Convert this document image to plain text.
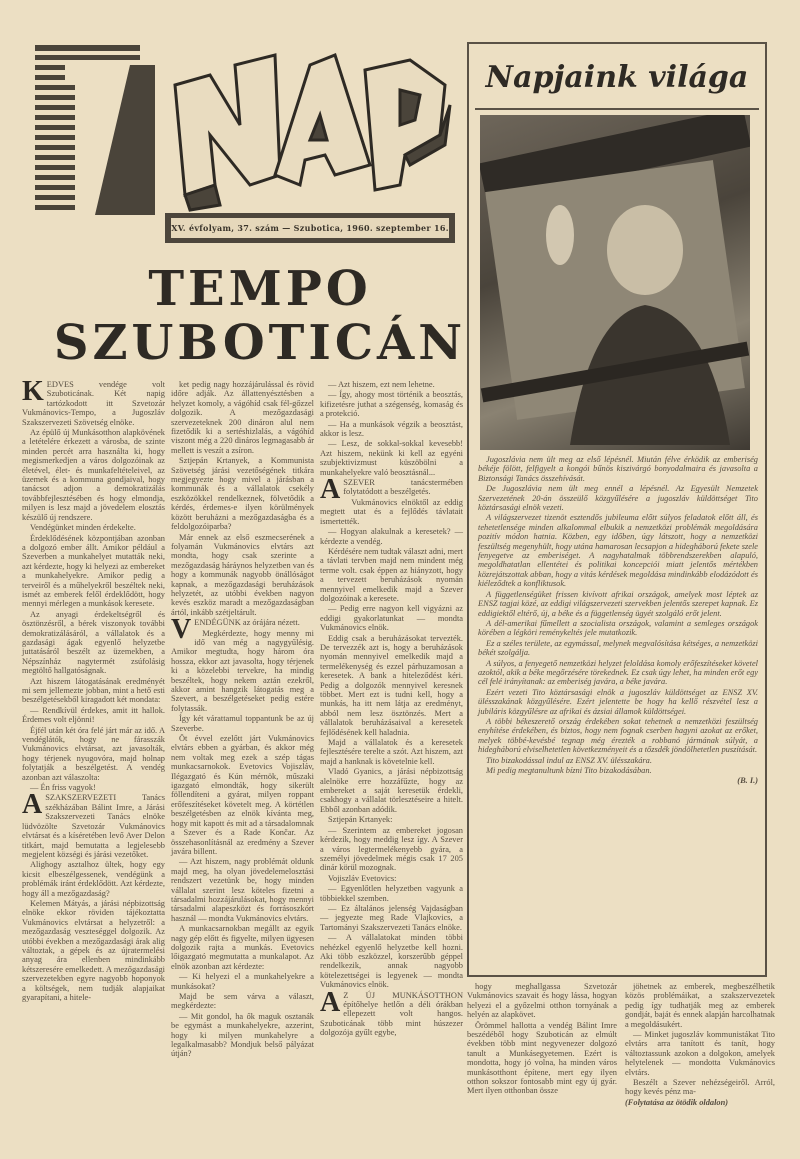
XV. évfolyam, 37. szám — Szubotica, 1960. szeptember 16.
TEMPO
SZUBOTICÁN

KEDVES vendége volt Szuboticának. Két napig tartózkodott itt Szvetozár Vukmánovics-Tempo, a Jugoszláv Szakszervezeti Szövetség elnöke.

Az épülő új Munkásotthon alapkövének a letételére érkezett a városba, de szinte minden percét arra használta ki, hogy megismerkedjen a város dolgozóinak az életével, élet- és munkafeltételeivel, az üzemek és a kommuna gondjaival, hogy tanácsot adjon a demokratizálás továbbfejlesztésében és hogy elmondja, milyen is lesz majd a jövedelem elosztás készülő új rendszere.

Vendégünket minden érdekelte.

Érdeklődésének központjában azonban a dolgozó ember állt. Amikor például a Szeverben a munkahelyet mutatták neki, azt kérdezte, hogy ki helyezi az embereket a munkahelyekre. Amikor pedig a terveiről és a műhelyekről beszéltek neki, ismét az emberek felől érdeklődött, hogy mennyi mérlegen a munkások keresete.

Az anyagi érdekeltségről és ösztönzésről, a bérek viszonyok további demokratizálásáról, a vállalatok és a gazdasági ágak egyenlő helyzetbe juttatásáról beszélt az üzemekben, a Népszínház nagytermét zsúfolásig megtöltő hallgatóságnak.

Azt hiszem látogatásának eredményét mi sem jellemezte jobban, mint a hető esti beszélgetésekből kiragadott két mondata:

— Rendkívül érdekes, amit itt hallok. Érdemes volt eljönni!

Éjfél után két óra felé járt már az idő. A vendéglátók, hogy ne fárasszák Vukmánovics elvtársat, azt javasolták, hogy térjenek nyugovóra, majd holnap folytatják a beszélgetést. A vendég azonban azt válaszolta:

— Én friss vagyok!

ASZAKSZERVEZETI Tanács székházában Bálint Imre, a Járási Szakszervezeti Tanács elnöke lüdvözölte Szvetozár Vukmánovics elvtársat és a kíséretében levő Aver Delon titkárt, majd bemutatta a legjelesebb megjelent községi és járási vezetőket.

Alighogy asztalhoz ültek, hogy egy kicsit elbeszélgessenek, vendégünk a problémák iránt érdeklődött. Azt kérdezte, hogy áll a mezőgazdaság?

Kelemen Mátyás, a járási népbizottság elnöke ekkor röviden tájékoztatta Vukmánovics elvtársat a helyzetről: a mezőgazdaság veszteséggel dolgozik. Az utóbbi években a mezőgazdasági árak alig változtak, a gépek és az újratermelési anyag ára ellenben mindinkább kétszeresére emelkedett. A mezőgazdasági szervezetekben egyre nagyobb hoponyok a költségek, nem tudják alapjaikat gyarapítani, a hitele-

ket pedig nagy hozzájárulással és rövid időre adják. Az állattenyésztésben a helyzet komoly, a vágóhíd csak fél-gőzzel dolgozik. A mezőgazdasági szervezeteknek 200 dináron alul nem fizetődik ki a sertéshizlalás, a vágóhíd viszont még a 220 dináros legmagasabb ár mellett is veszít a zsíron.

Sztjepán Krtanyek, a Kommunista Szövetség járási vezetőségének titkára megjegyezte hogy mivel a járásban a kommunák és a vállalatok csekély eszközökkel rendelkeznek, fölvetődik a kérdés, érdemes-e ilyen körülmények között beruházni a mezőgazdaságba és a feldolgozóiparba?

Már ennek az első eszmecserének a folyamán Vukmánovics elvtárs azt mondta, hogy csak szerinte a mezőgazdaság háráynos helyzetben van és hogy a kommunák nagyobb önállóságot kapnak, a mezőgazdasági beruházások helyzetét, az utóbbi években nagyon kevés eszköz maradt a mezőgazdaságban ártól, inkább szétjeltárult.

VENDÉGÜNK az órájára nézett.

Megkérdezte, hogy menny mi idő van még a nagygyűlésig. Amikor megtudta, hogy három óra hossza, ekkor azt javasolta, hogy térjenek ki a közelebbi tervekre, ha mindig beszéltek, hogy nekem aztán ezekről, akkor amint hangzik látogatás meg a Szevert, a beszélgetéseket pedig estére folytassák.

Így két várattamul toppantunk be az új Szeverbe.

Öt évvel ezelőtt járt Vukmánovics elvtárs ebben a gyárban, és akkor még nem voltak meg ezek a szép tágas munkacsarnokok. Evetovics Vojiszláv, Ilégazgató és Kún mérnök, műszaki igazgató elmondták, hogy sikerült föllendíteni a gyárat, milyen roppant erőfeszítéseket követelt meg. A körtétlen beszélgetésben az elnök kívánta meg, hogy mit kapott és mit ad a társadalomnak a Szever és a Rade Končar. Az összehasonlításnál az eredmény a Szever javára billent.

— Azt hiszem, nagy problémát oldunk majd meg, ha olyan jövedelemelosztási rendszert vezetünk be, hogy minden vállalat szerint lesz köteles fizetni a társadalmi hozzájárulásokat, hogy mennyi társadalmi alapeszközt és forrásoszkórt használ — mondta Vukmánovics elvtárs.

A munkacsarnokban megállt az egyik nagy gép előtt és figyelte, milyen ügyesen dolgozik rajta a munkás. Evetovics lőigazgató megmutatta a munkalapot. Az elnök azonban azt kérdezte:

— Ki helyezi el a munkahelyekre a munkásokat?

Majd be sem várva a választ, megkérdezte:

— Mit gondol, ha ők maguk osztanák be egymást a munkahelyekre, azzerint, hogy ki milyen munkahelyre a legalkalmasabb? Mondjuk belső pályázat útján?

— Azt hiszem, ezt nem lehetne.

— Így, ahogy most történik a beosztás, kifizetésre juthat a szégenség, komaság és a protekció.

— Ha a munkások végzik a beosztást, akkor is lesz.

— Lesz, de sokkal-sokkal kevesebb! Azt hiszem, nekünk ki kell az egyéni szubjektivizmust küszöbölni a munkahelyekre való beosztásnál...

ASZEVER tanácstermében folytatódott a beszélgetés.

Vukmánovics elnöktől az eddig megtett utat és a fejlődés távlatait ismertették.

— Hogyan alakulnak a keresetek? — kérdezte a vendég.

Kérdésére nem tudtak választ adni, mert a távlati tervben majd nem mindent még terme volt. csak éppen az hiányzott, hogy a tervezett beruházások nyomán mennyivel emelkedik majd a Szever dolgozóinak a keresete.

— Pedig erre nagyon kell vigyázni az eddigi gyakorlatunkat — mondta Vukmánovics elnök.

Eddig csak a beruházásokat tervezték. De tervezzék azt is, hogy a beruházások nyomán mennyivel emelkedik majd a termelékenység és ezzel párhuzamosan a keresetek. A bank a hiteleződést kéri. Pedig a dolgozók mennyivel keresnek többet. Mert ezt is tudni kell, hogy a munkás, ha itt nem látja az eredményt, abból nem lesz ösztönzés. Mert a vállalatok beruházásaival a keresetek fejlődésének kell haladnia.

Majd a vállalatok és a keresetek fejlesztésére terelte a szót. Azt hiszem, azt majd a hanknak is követelnie kell.

Vladó Gyanics, a járási népbizottság alelnöke erre hozzáfűzte, hogy az embereket a saját keresetük érdekli, csakhogy a vállalat törlesztéseire a hitelt. Ebből azonban adódik.

Sztjepán Krtanyek:

— Szerintem az embereket jogosan kérdezik, hogy meddig lesz így. A Szever a város legtermelékenyebb gyára, a személyi jövedelmek mégis csak 17 205 dinár körül mozognak.

Vojiszláv Evetovics:

— Egyenlőtlen helyzetben vagyunk a többiekkel szemben.

— Ez általános jelenség Vajdaságban — jegyezte meg Rade Vlajkovics, a Tartományi Szakszervezeti Tanács elnöke.

— A vállalatokat minden többi nehézkel egyenlő helyzetbe kell hozni. Aki több eszközzel, korszerűbb géppel rendelkezik, annak nagyobb kötelezettségei is legyenek — mondta Vukmánovics elnök.

AZ ÚJ MUNKÁSOTTHON építőhelye hetlőn a déli órákban ellepezett volt hangos. Szuboticának több mint húszezer dolgozója gyűlt egybe,

Napjaink világa

Jugoszlávia nem ült meg az első lépésnél. Miután félve érködik az emberiség békéje fölött, felfigyelt a kongói bűnös kiszivárgó bonyodalmaira és javasolta a Biztonsági Tanács összehívását.

De Jugoszlávia nem ült meg ennél a lépésnél. Az Egyesült Nemzetek Szervezetének 20-án összeülő közgyűlésére a jugoszláv küldöttséget Tito köztársasági elnök vezeti.

A világszervezet tizenöt esztendős jubileuma előtt súlyos feladatok előtt áll, és tehetetlensége minden alkalommal elbukik a nemzetközi problémák megoldására pozitív módon hatnia. Közben, egy időben, úgy látszott, hogy a nemzetközi feszültség megenyhült, hogy utána hamarosan lecsapjon a hidegháború fekete szele fenyegetve az emberiséget. A nagyhatalmak többrendszerekben alapuló, megoldhatatlan ellentétei és politikai koncepciói miatt jelentős mértékben közrejátszottak abban, hogy a vitás kérdések megoldása mindinkább elodázódott és kiéleződtek a konfliktusok.

A függetlenségüket frissen kivívott afrikai országok, amelyek most léptek az ENSZ tagjai közé, az eddigi világszervezeti szervekben jelentős szerepet kapnak. Ez eddigiektől eltérő, új, a béke és a függetlenség ügyét szolgáló erőt jelent.

A dél-amerikai fűmellett a szocialista országok, valamint a semleges országok körében a légköri reménykeltés jele mutatkozik.

Ez a széles területe, az egymással, melynek megvalósítása kétséges, a nemzetközi békét szolgálja.

A súlyos, a fenyegető nemzetközi helyzet feloldása komoly erőfeszítéseket követel azoktól, akik a béke megőrzésére törekednek. Ez csak úgy lehet, ha minden erőt egy cél felé irányítanak: az emberiség javára, a béke javára.

Ezért vezeti Tito köztársasági elnök a jugoszláv küldöttséget az ENSZ XV. ülésszakának közgyűlésére. Ezért jelentette be hogy ha kellő részvétel lesz a jubiláris közgyűlésre az afrikai és ázsiai államok küldöttségei.

A többi békeszerető ország érdekében sokat tehetnek a nemzetközi feszültség enyhítése érdekében, és biztos, hogy nem fognak cserben hagyni azokat az erőket, melyek többé-kevésbé tegnap még érezték a robbanó jármának súlyát, a hidegháború elviselhetetlen következményeit és a tőzsdék jöndölhetetlen puszítását.

Tito bizakodással indul az ENSZ XV. ülésszakára.

Mi pedig megtanultunk bízni Tito bizakodásában.

(B. I.)

hogy meghallgassa Szvetozár Vukmánovics szavait és hogy lássa, hogyan helyezi el a győzelmi otthon tornyának a helyén az alapkövet.

Örömmel hallotta a vendég Bálint Imre beszédéből hogy Szuboticán az elmúlt években több mint negyvenezer dolgozó tanult a Munkásegyetemen. Ezért is mondotta, hogy jó volna, ha minden város munkásotthont építene, mert egy ilyen otthon sokszor fontosabb mint egy új gyár. Mert ilyen otthonban össze

jöhetnek az emberek, megbeszélhetik közös problémáikat, a szakszervezetek pedig így tudhatják meg az emberek gondját, baját és ennek alapján harcolhatnak a megoldásukért.

— Minket jugoszláv kommunistákat Tito elvtárs arra tanított és tanít, hogy változtassunk azokon a dolgokon, amelyek helytelenek — mondotta Vukmánovics elvtárs.

Beszélt a Szever nehézségeiről. Arról, hogy kevés pénz ma-

(Folytatása az ötödik oldalon)
